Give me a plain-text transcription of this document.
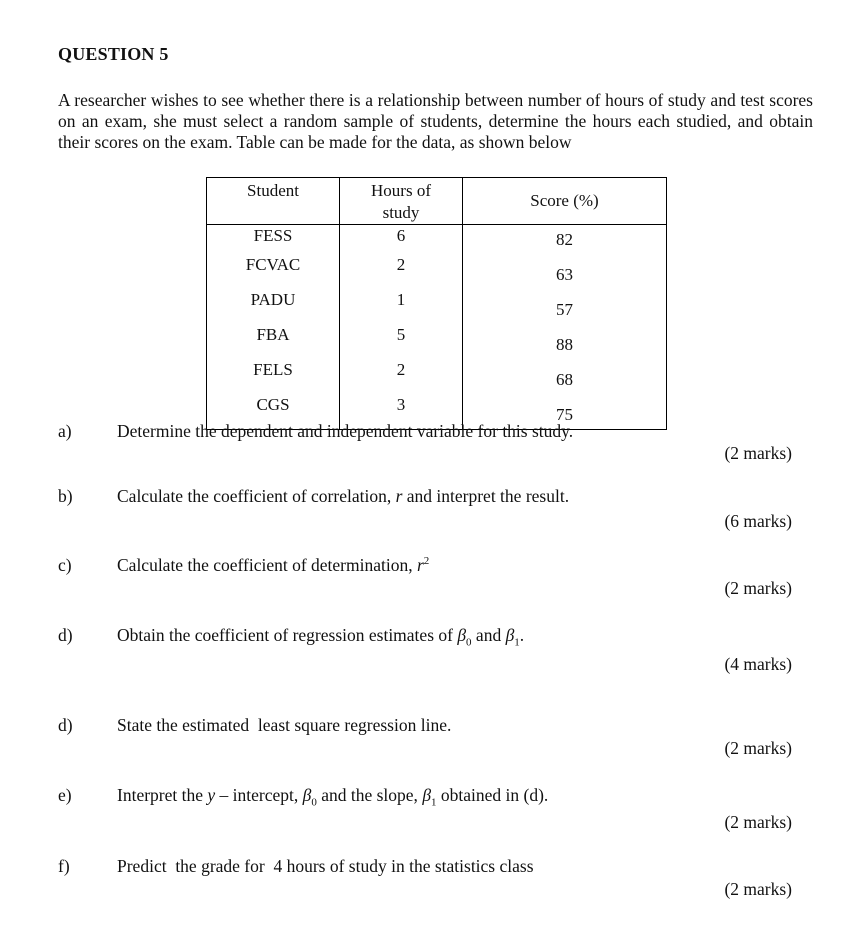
QUESTION 5
A researcher wishes to see whether there is a relationship between number of hours of study and test scores on an exam, she must select a random sample of students, determine the hours each studied, and obtain their scores on the exam. Table can be made for the data, as shown below
Student	Hours of study	Score (%)
FESS	6	82
FCVAC	2	63
PADU	1	57
FBA	5	88
FELS	2	68
CGS	3	75
a)	Determine the dependent and independent variable for this study.
(2 marks)
b)	Calculate the coefficient of correlation, r and interpret the result.
(6 marks)
c)	Calculate the coefficient of determination, $r^2$
(2 marks)
d)	Obtain the coefficient of regression estimates of $\beta_0$ and $\beta_1$.
(4 marks)
d)	State the estimated  least square regression line.
(2 marks)
e)	Interpret the y – intercept, $\beta_0$ and the slope, $\beta_1$ obtained in (d).
(2 marks)
f)	Predict  the grade for  4 hours of study in the statistics class
(2 marks)
